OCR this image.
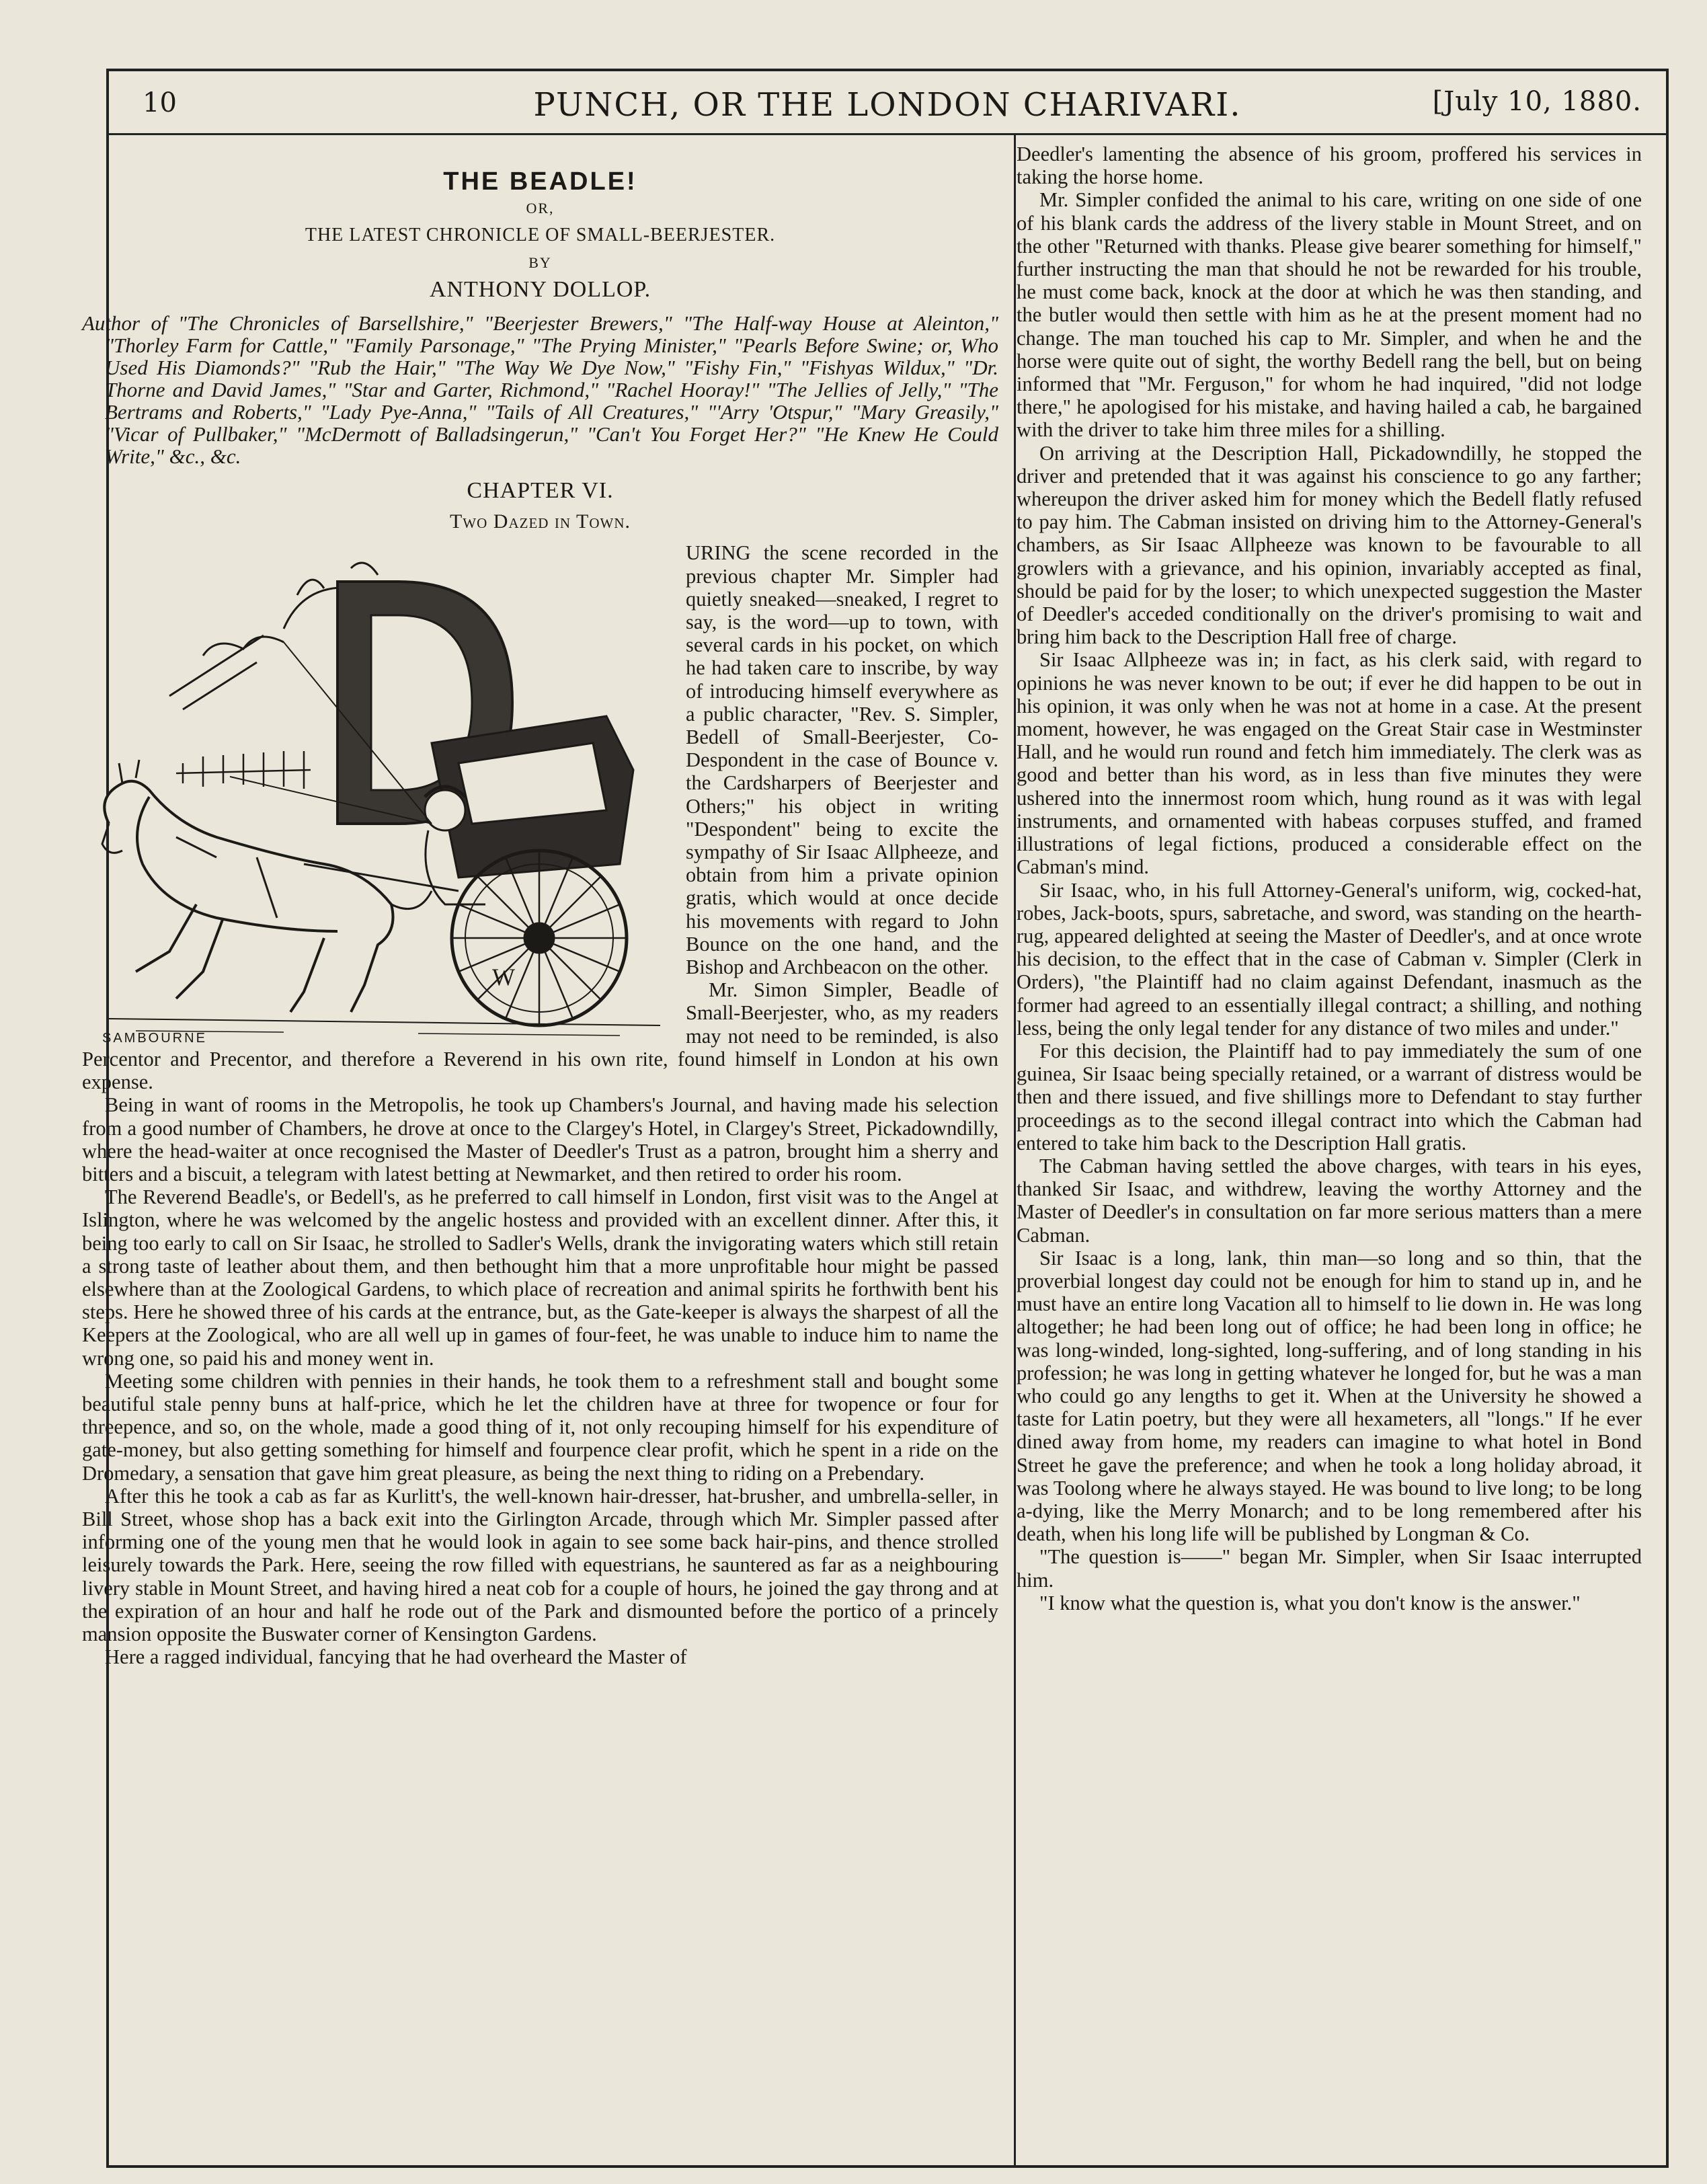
10	PUNCH, OR THE LONDON CHARIVARI.	[July 10, 1880.
THE BEADLE!
OR,
THE LATEST CHRONICLE OF SMALL-BEERJESTER.
BY
ANTHONY DOLLOP.
Author of "The Chronicles of Barsellshire," "Beerjester Brewers," "The Half-way House at Aleinton," "Thorley Farm for Cattle," "Family Parsonage," "The Prying Minister," "Pearls Before Swine; or, Who Used His Diamonds?" "Rub the Hair," "The Way We Dye Now," "Fishy Fin," "Fishyas Wildux," "Dr. Thorne and David James," "Star and Garter, Richmond," "Rachel Hooray!" "The Jellies of Jelly," "The Bertrams and Roberts," "Lady Pye-Anna," "Tails of All Creatures," "'Arry 'Otspur," "Mary Greasily," "Vicar of Pullbaker," "McDermott of Balladsingerun," "Can't You Forget Her?" "He Knew He Could Write," &c., &c.
CHAPTER VI.
Two Dazed in Town.
W
SAMBOURNE

URING the scene recorded in the previous chapter Mr. Simpler had quietly sneaked—sneaked, I regret to say, is the word—up to town, with several cards in his pocket, on which he had taken care to inscribe, by way of introducing himself everywhere as a public character, "Rev. S. Simpler, Bedell of Small-Beerjester, Co-Despondent in the case of Bounce v. the Cardsharpers of Beerjester and Others;" his object in writing "Despondent" being to excite the sympathy of Sir Isaac Allpheeze, and obtain from him a private opinion gratis, which would at once decide his movements with regard to John Bounce on the one hand, and the Bishop and Archbeacon on the other.

Mr. Simon Simpler, Beadle of Small-Beerjester, who, as my readers may not need to be reminded, is also Percentor and Precentor, and therefore a Reverend in his own rite, found himself in London at his own expense.

Being in want of rooms in the Metropolis, he took up Chambers's Journal, and having made his selection from a good number of Chambers, he drove at once to the Clargey's Hotel, in Clargey's Street, Pickadowndilly, where the head-waiter at once recognised the Master of Deedler's Trust as a patron, brought him a sherry and bitters and a biscuit, a telegram with latest betting at Newmarket, and then retired to order his room.

The Reverend Beadle's, or Bedell's, as he preferred to call himself in London, first visit was to the Angel at Islington, where he was welcomed by the angelic hostess and provided with an excellent dinner. After this, it being too early to call on Sir Isaac, he strolled to Sadler's Wells, drank the invigorating waters which still retain a strong taste of leather about them, and then bethought him that a more unprofitable hour might be passed elsewhere than at the Zoological Gardens, to which place of recreation and animal spirits he forthwith bent his steps. Here he showed three of his cards at the entrance, but, as the Gate-keeper is always the sharpest of all the Keepers at the Zoological, who are all well up in games of four-feet, he was unable to induce him to name the wrong one, so paid his and money went in.

Meeting some children with pennies in their hands, he took them to a refreshment stall and bought some beautiful stale penny buns at half-price, which he let the children have at three for twopence or four for threepence, and so, on the whole, made a good thing of it, not only recouping himself for his expenditure of gate-money, but also getting something for himself and fourpence clear profit, which he spent in a ride on the Dromedary, a sensation that gave him great pleasure, as being the next thing to riding on a Prebendary.

After this he took a cab as far as Kurlitt's, the well-known hair-dresser, hat-brusher, and umbrella-seller, in Bill Street, whose shop has a back exit into the Girlington Arcade, through which Mr. Simpler passed after informing one of the young men that he would look in again to see some back hair-pins, and thence strolled leisurely towards the Park. Here, seeing the row filled with equestrians, he sauntered as far as a neighbouring livery stable in Mount Street, and having hired a neat cob for a couple of hours, he joined the gay throng and at the expiration of an hour and half he rode out of the Park and dismounted before the portico of a princely mansion opposite the Buswater corner of Kensington Gardens.

Here a ragged individual, fancying that he had overheard the Master of

Deedler's lamenting the absence of his groom, proffered his services in taking the horse home.

Mr. Simpler confided the animal to his care, writing on one side of one of his blank cards the address of the livery stable in Mount Street, and on the other "Returned with thanks. Please give bearer something for himself," further instructing the man that should he not be rewarded for his trouble, he must come back, knock at the door at which he was then standing, and the butler would then settle with him as he at the present moment had no change. The man touched his cap to Mr. Simpler, and when he and the horse were quite out of sight, the worthy Bedell rang the bell, but on being informed that "Mr. Ferguson," for whom he had inquired, "did not lodge there," he apologised for his mistake, and having hailed a cab, he bargained with the driver to take him three miles for a shilling.

On arriving at the Description Hall, Pickadowndilly, he stopped the driver and pretended that it was against his conscience to go any farther; whereupon the driver asked him for money which the Bedell flatly refused to pay him. The Cabman insisted on driving him to the Attorney-General's chambers, as Sir Isaac Allpheeze was known to be favourable to all growlers with a grievance, and his opinion, invariably accepted as final, should be paid for by the loser; to which unexpected suggestion the Master of Deedler's acceded conditionally on the driver's promising to wait and bring him back to the Description Hall free of charge.

Sir Isaac Allpheeze was in; in fact, as his clerk said, with regard to opinions he was never known to be out; if ever he did happen to be out in his opinion, it was only when he was not at home in a case. At the present moment, however, he was engaged on the Great Stair case in Westminster Hall, and he would run round and fetch him immediately. The clerk was as good and better than his word, as in less than five minutes they were ushered into the innermost room which, hung round as it was with legal instruments, and ornamented with habeas corpuses stuffed, and framed illustrations of legal fictions, produced a considerable effect on the Cabman's mind.

Sir Isaac, who, in his full Attorney-General's uniform, wig, cocked-hat, robes, Jack-boots, spurs, sabretache, and sword, was standing on the hearth-rug, appeared delighted at seeing the Master of Deedler's, and at once wrote his decision, to the effect that in the case of Cabman v. Simpler (Clerk in Orders), "the Plaintiff had no claim against Defendant, inasmuch as the former had agreed to an essentially illegal contract; a shilling, and nothing less, being the only legal tender for any distance of two miles and under."

For this decision, the Plaintiff had to pay immediately the sum of one guinea, Sir Isaac being specially retained, or a warrant of distress would be then and there issued, and five shillings more to Defendant to stay further proceedings as to the second illegal contract into which the Cabman had entered to take him back to the Description Hall gratis.

The Cabman having settled the above charges, with tears in his eyes, thanked Sir Isaac, and withdrew, leaving the worthy Attorney and the Master of Deedler's in consultation on far more serious matters than a mere Cabman.

Sir Isaac is a long, lank, thin man—so long and so thin, that the proverbial longest day could not be enough for him to stand up in, and he must have an entire long Vacation all to himself to lie down in. He was long altogether; he had been long out of office; he had been long in office; he was long-winded, long-sighted, long-suffering, and of long standing in his profession; he was long in getting whatever he longed for, but he was a man who could go any lengths to get it. When at the University he showed a taste for Latin poetry, but they were all hexameters, all "longs." If he ever dined away from home, my readers can imagine to what hotel in Bond Street he gave the preference; and when he took a long holiday abroad, it was Toolong where he always stayed. He was bound to live long; to be long a-dying, like the Merry Monarch; and to be long remembered after his death, when his long life will be published by Longman & Co.

"The question is——" began Mr. Simpler, when Sir Isaac interrupted him.

"I know what the question is, what you don't know is the answer."
